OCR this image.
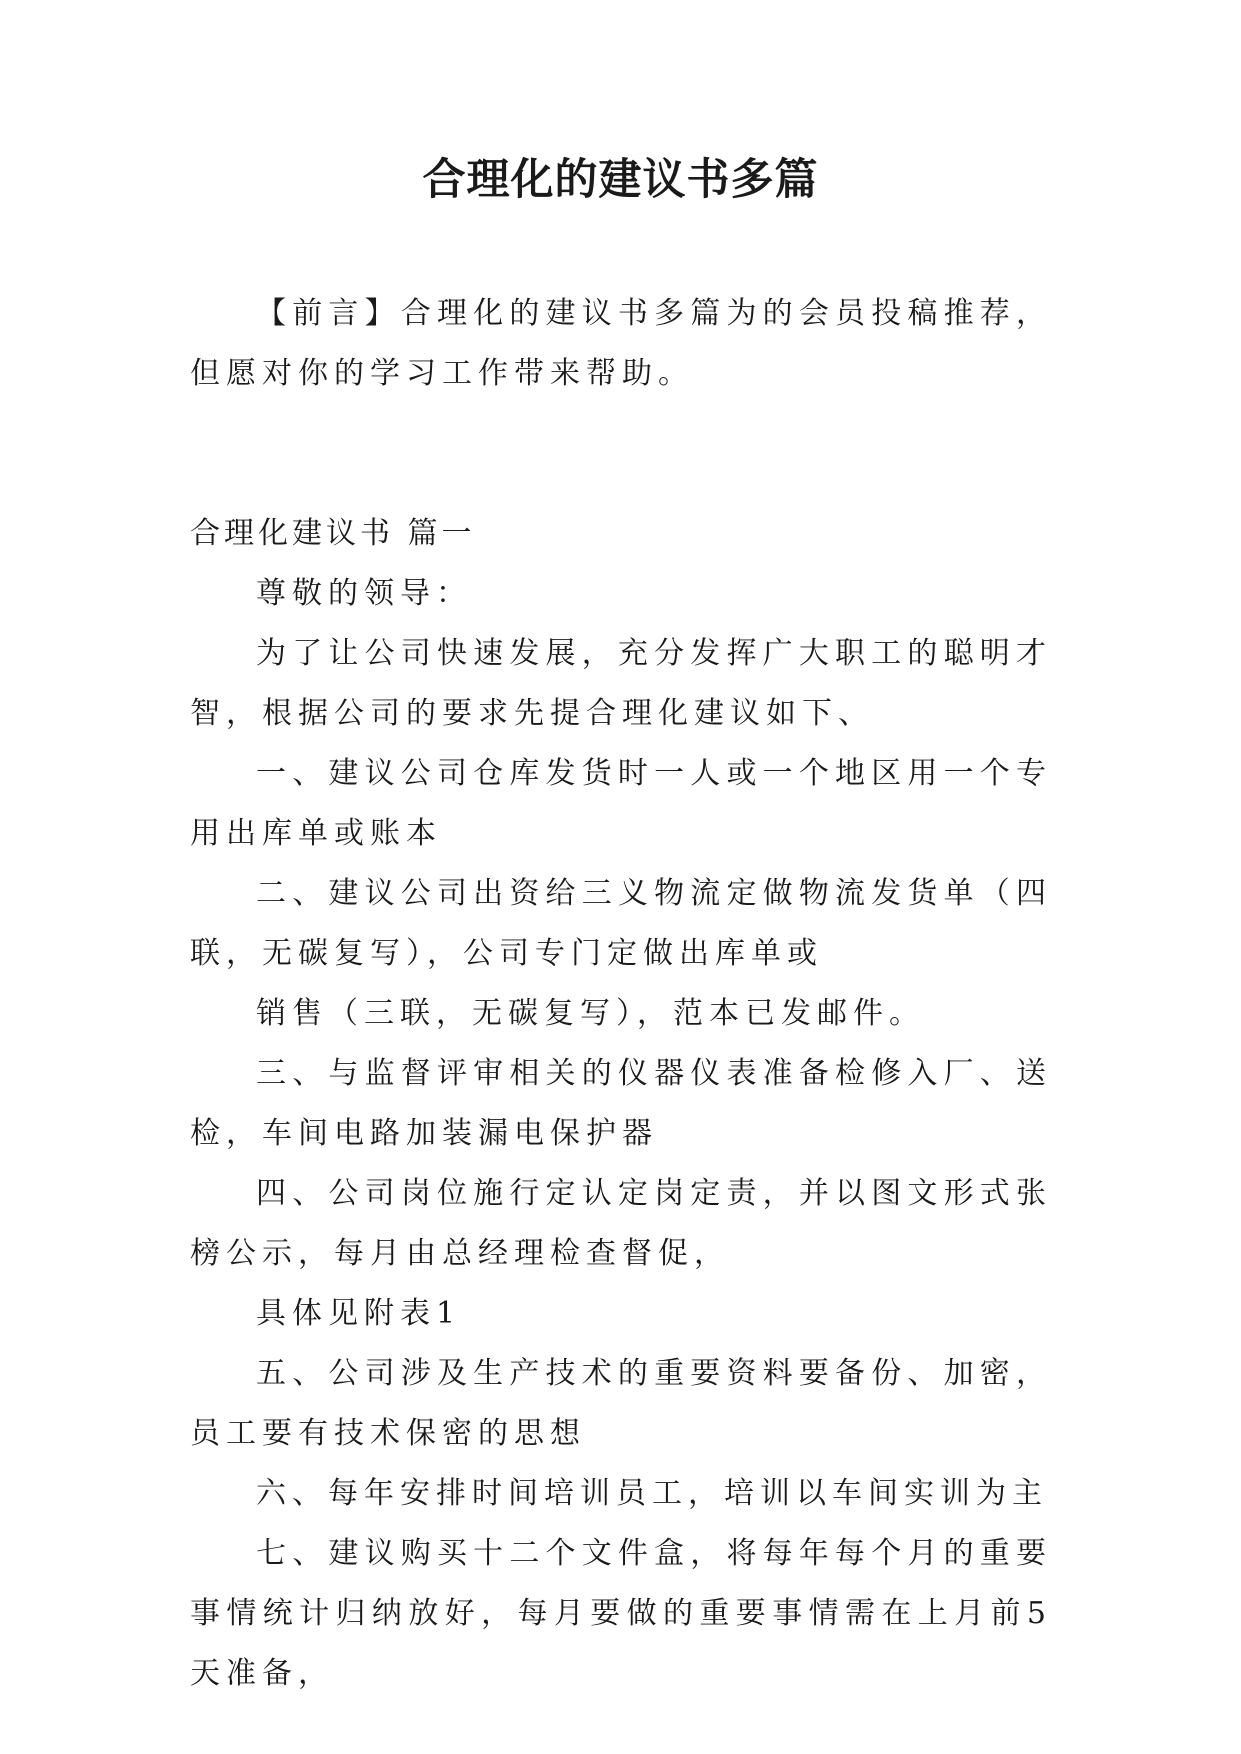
合理化的建议书多篇

【前言】合理化的建议书多篇为的会员投稿推荐，但愿对你的学习工作带来帮助。

合理化建议书 篇一

尊敬的领导：

为了让公司快速发展，充分发挥广大职工的聪明才智，根据公司的要求先提合理化建议如下、

一、建议公司仓库发货时一人或一个地区用一个专用出库单或账本

二、建议公司出资给三义物流定做物流发货单（四联，无碳复写），公司专门定做出库单或

销售（三联，无碳复写），范本已发邮件。

三、与监督评审相关的仪器仪表准备检修入厂、送检，车间电路加装漏电保护器

四、公司岗位施行定认定岗定责，并以图文形式张榜公示，每月由总经理检查督促，

具体见附表1

五、公司涉及生产技术的重要资料要备份、加密，员工要有技术保密的思想

六、每年安排时间培训员工，培训以车间实训为主

七、建议购买十二个文件盒，将每年每个月的重要事情统计归纳放好，每月要做的重要事情需在上月前5天准备，
